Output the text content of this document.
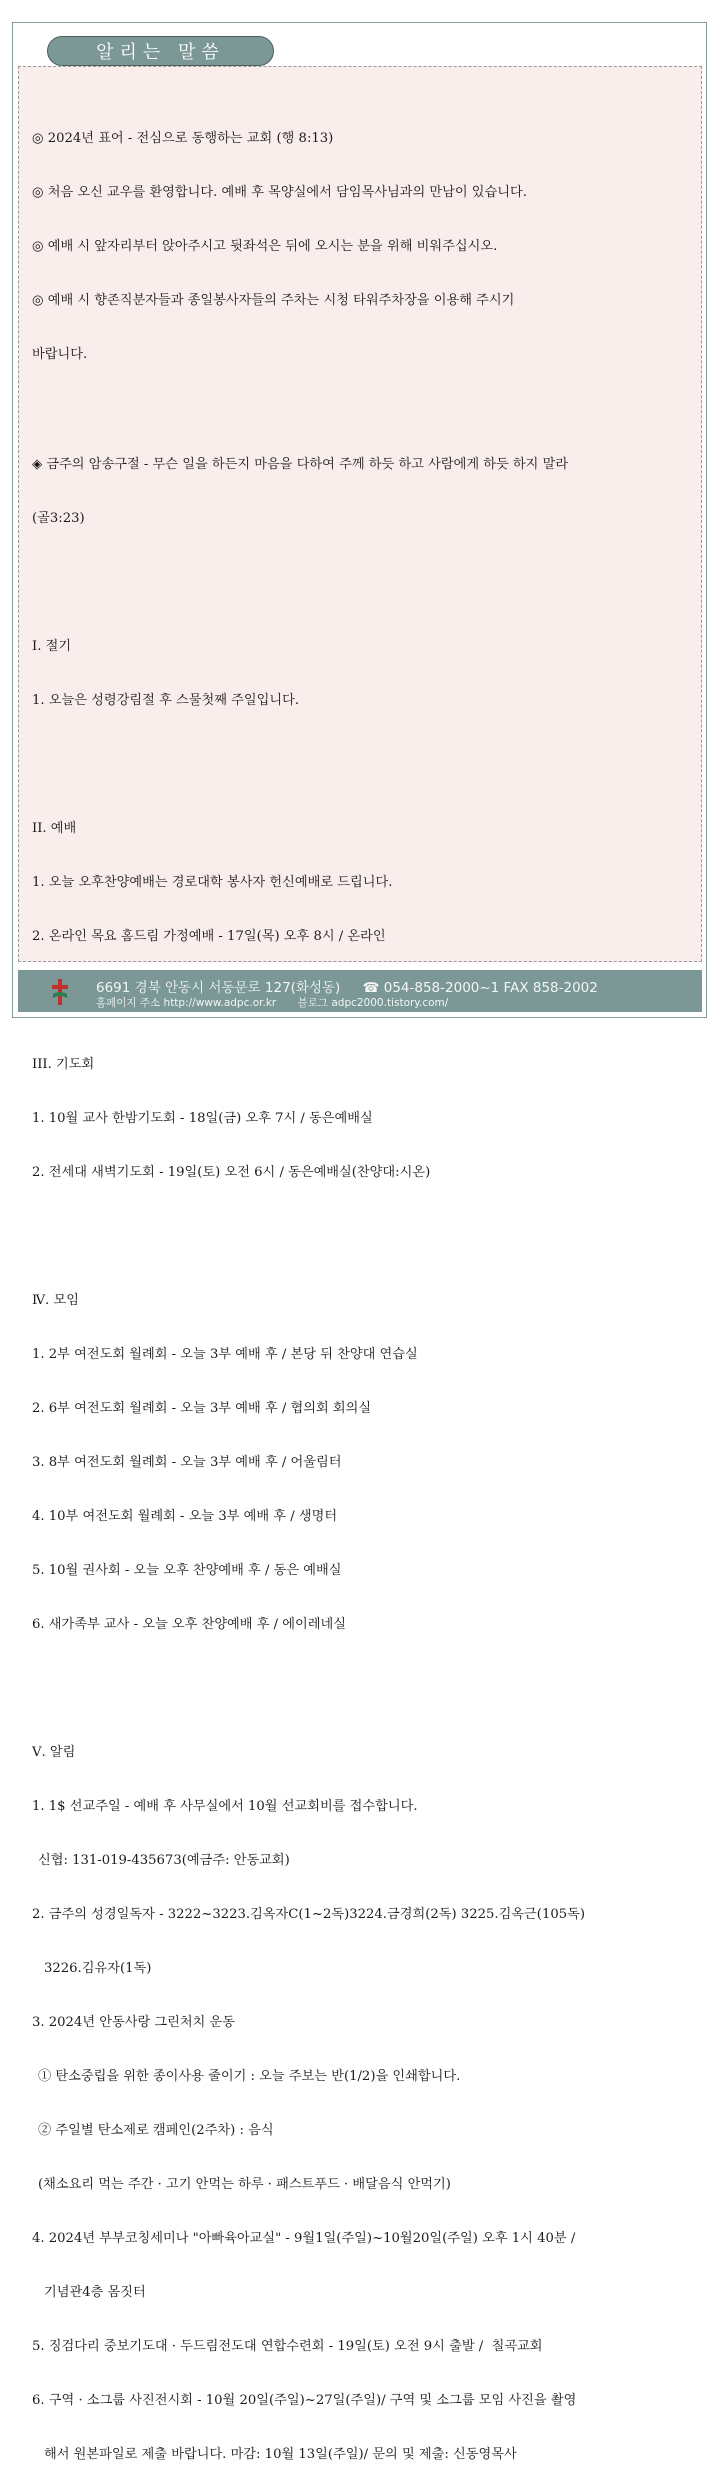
알리는 말씀

◎ 2024년 표어 - 전심으로 동행하는 교회 (행 8:13)

◎ 처음 오신 교우를 환영합니다. 예배 후 목양실에서 담임목사님과의 만남이 있습니다.

◎ 예배 시 앞자리부터 앉아주시고 뒷좌석은 뒤에 오시는 분을 위해 비워주십시오.

◎ 예배 시 향존직분자들과 종일봉사자들의 주차는 시청 타워주차장을 이용해 주시기

바랍니다.

◈ 금주의 암송구절 - 무슨 일을 하든지 마음을 다하여 주께 하듯 하고 사람에게 하듯 하지 말라

(골3:23)

I. 절기

1. 오늘은 성령강림절 후 스물첫째 주일입니다.

II. 예배

1. 오늘 오후찬양예배는 경로대학 봉사자 헌신예배로 드립니다.

2. 온라인 목요 홈드림 가정예배 - 17일(목) 오후 8시 / 온라인

III. 기도회

1. 10월 교사 한밤기도회 - 18일(금) 오후 7시 / 동은예배실

2. 전세대 새벽기도회 - 19일(토) 오전 6시 / 동은예배실(찬양대:시온)

Ⅳ. 모임

1. 2부 여전도회 월례회 - 오늘 3부 예배 후 / 본당 뒤 찬양대 연습실

2. 6부 여전도회 월례회 - 오늘 3부 예배 후 / 협의회 회의실

3. 8부 여전도회 월례회 - 오늘 3부 예배 후 / 어울림터

4. 10부 여전도회 월례회 - 오늘 3부 예배 후 / 생명터

5. 10월 권사회 - 오늘 오후 찬양예배 후 / 동은 예배실

6. 새가족부 교사 - 오늘 오후 찬양예배 후 / 에이레네실

Ⅴ. 알림

1. 1$ 선교주일 - 예배 후 사무실에서 10월 선교회비를 접수합니다.

신협: 131-019-435673(예금주: 안동교회)

2. 금주의 성경일독자 - 3222~3223.김옥자C(1~2독)3224.금경희(2독) 3225.김옥근(105독)

3226.김유자(1독)

3. 2024년 안동사랑 그린처치 운동

① 탄소중립을 위한 종이사용 줄이기 : 오늘 주보는 반(1/2)을 인쇄합니다.

② 주일별 탄소제로 캠페인(2주차) : 음식

(채소요리 먹는 주간 · 고기 안먹는 하루 · 패스트푸드 · 배달음식 안먹기)

4. 2024년 부부코칭세미나 "아빠육아교실" - 9월1일(주일)~10월20일(주일) 오후 1시 40분 /

기념관4층 몸짓터

5. 징검다리 중보기도대 · 두드림전도대 연합수련회 - 19일(토) 오전 9시 출발 /  칠곡교회

6. 구역 · 소그룹 사진전시회 - 10월 20일(주일)~27일(주일)/ 구역 및 소그룹 모임 사진을 촬영

해서 원본파일로 제출 바랍니다. 마감: 10월 13일(주일)/ 문의 및 제출: 신동영목사

6691 경북 안동시 서동문로 127(화성동) ☎ 054-858-2000~1 FAX 858-2002
홈페이지 주소 http://www.adpc.or.kr 블로그 adpc2000.tistory.com/
